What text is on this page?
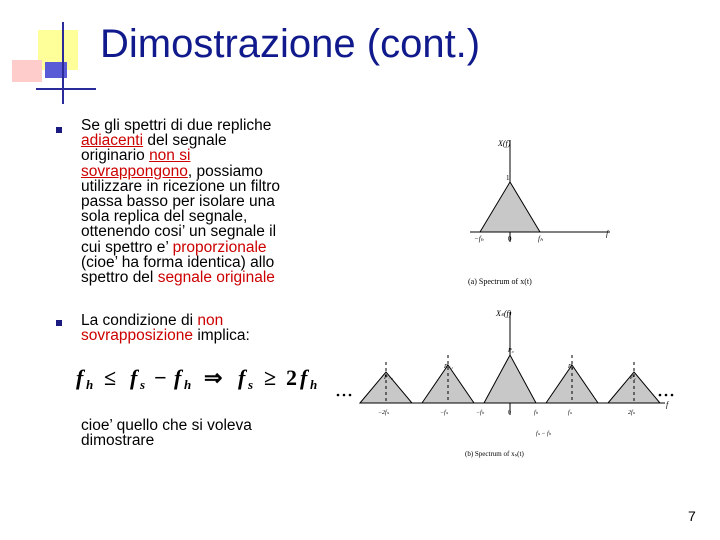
Dimostrazione (cont.)
Se gli spettri di due repliche
adiacenti del segnale
originario non si
sovrappongono, possiamo
utilizzare in ricezione un filtro
passa basso per isolare una
sola replica del segnale,
ottenendo cosi’ un segnale il
cui spettro e’ proporzionale
(cioe’ ha forma identica) allo
spettro del segnale originale
La condizione di non
sovrapposizione implica:
f h ≤ f s − f h ⇒ f s ≥ 2 f h
cioe’ quello che si voleva
dimostrare
X(f)
1
−fₕ	0	fₕ
f
(a) Spectrum of x(t)
Xₛ(f)
P₀
P₋₁	P₁
P₋₂	P₂
−2fₛ	−fₛ	−fₕ	0	fₕ	fₛ	2fₛ
f
fₛ − fₕ
(b) Spectrum of xₛ(t)
7
